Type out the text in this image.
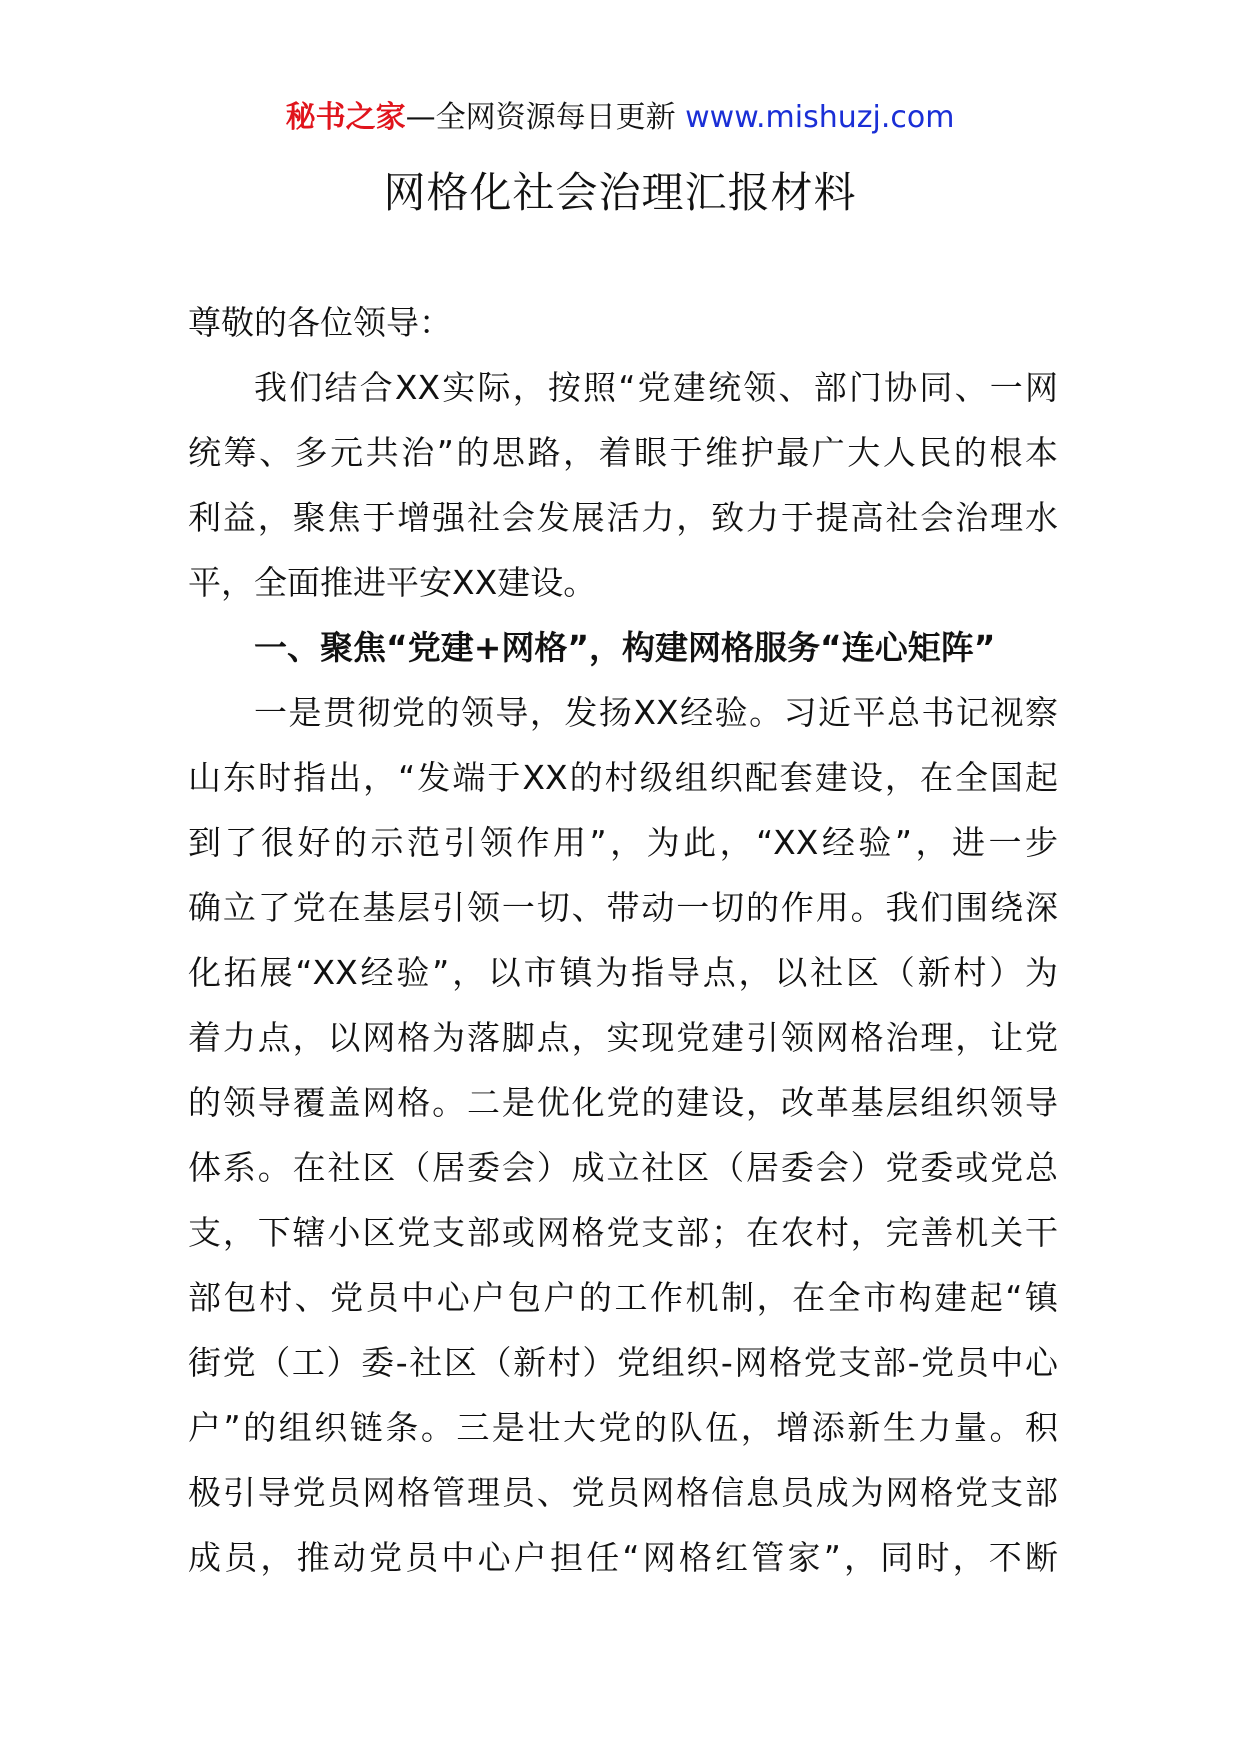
秘书之家—全网资源每日更新 www.mishuzj.com
网格化社会治理汇报材料
尊敬的各位领导：
我们结合XX实际，按照“党建统领、部门协同、一网
统筹、多元共治”的思路，着眼于维护最广大人民的根本
利益，聚焦于增强社会发展活力，致力于提高社会治理水
平，全面推进平安XX建设。
一、聚焦“党建+网格”，构建网格服务“连心矩阵”
一是贯彻党的领导，发扬XX经验。习近平总书记视察
山东时指出，“发端于XX的村级组织配套建设，在全国起
到了很好的示范引领作用”，为此，“XX经验”，进一步
确立了党在基层引领一切、带动一切的作用。我们围绕深
化拓展“XX经验”，以市镇为指导点，以社区（新村）为
着力点，以网格为落脚点，实现党建引领网格治理，让党
的领导覆盖网格。二是优化党的建设，改革基层组织领导
体系。在社区（居委会）成立社区（居委会）党委或党总
支，下辖小区党支部或网格党支部；在农村，完善机关干
部包村、党员中心户包户的工作机制，在全市构建起“镇
街党（工）委-社区（新村）党组织-网格党支部-党员中心
户”的组织链条。三是壮大党的队伍，增添新生力量。积
极引导党员网格管理员、党员网格信息员成为网格党支部
成员，推动党员中心户担任“网格红管家”，同时，不断
